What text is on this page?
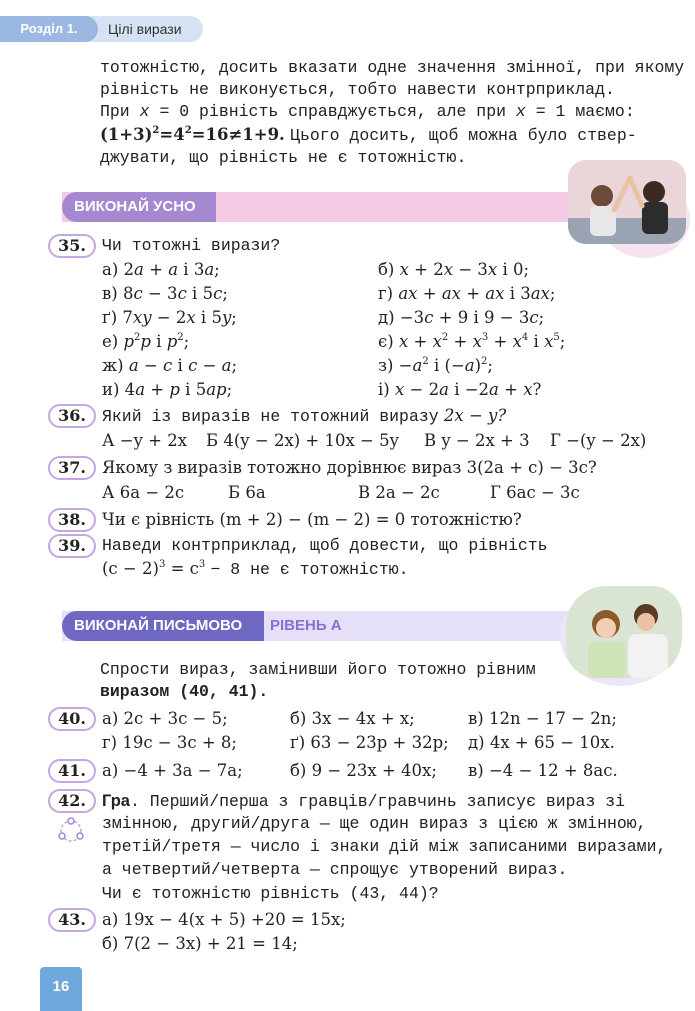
Розділ 1.	Цілі вирази
тотожністю, досить вказати одне значення змінної, при якому
рівність не виконується, тобто навести контрприклад.
При x = 0 рівність справджується, але при x = 1 маємо:
$(1+3)^2=4^2=16\ne 1+9$. Цього досить, щоб можна було ствер-
джувати, що рівність не є тотожністю.
ВИКОНАЙ УСНО
35. Чи тотожні вирази?
а) 2a + a і 3a;	б) x + 2x − 3x і 0;
в) 8c − 3c і 5c;	г) ax + ax + ax і 3ax;
ґ) 7xy − 2x і 5y;	д) −3c + 9 і 9 − 3c;
е) $p^2p$ і $p^2$;	є) $x + x^2 + x^3 + x^4$ і $x^5$;
ж) a − c і c − a;	$з) -a^2$ і $(-a)^2$;
и) 4a + p і 5ap;	і) x − 2a і −2a + x?
36. Який із виразів не тотожний виразу 2x − y?
А −y + 2x Б 4(y − 2x) + 10x − 5y В y − 2x + 3 Г −(y − 2x)
37. Якому з виразів тотожно дорівнює вираз 3(2a + c) − 3c?
А 6a − 2c	Б 6a	В 2a − 2c	Г 6ac − 3c
38. Чи є рівність (m + 2) − (m − 2) = 0 тотожністю?
39. Наведи контрприклад, щоб довести, що рівність
$(c - 2)^3 = c^3 - 8$ не є тотожністю.
ВИКОНАЙ ПИСЬМОВО	РІВЕНЬ А
Спрости вираз, замінивши його тотожно рівним
виразом (40, 41).
40. а) 2c + 3c − 5;	б) 3x − 4x + x;	в) 12n − 17 − 2n;
г) 19c − 3c + 8;	ґ) 63 − 23p + 32p; д) 4x + 65 − 10x.
41. а) −4 + 3a − 7a;	б) 9 − 23x + 40x; в) −4 − 12 + 8ac.
42. Гра. Перший/перша з гравців/гравчинь записує вираз зі
змінною, другий/друга — ще один вираз з цією ж змінною,
третій/третя — число і знаки дій між записаними виразами,
а четвертий/четверта — спрощує утворений вираз.
Чи є тотожністю рівність (43, 44)?
43. а) 19x − 4(x + 5) +20 = 15x;
б) 7(2 − 3x) + 21 = 14;
16
